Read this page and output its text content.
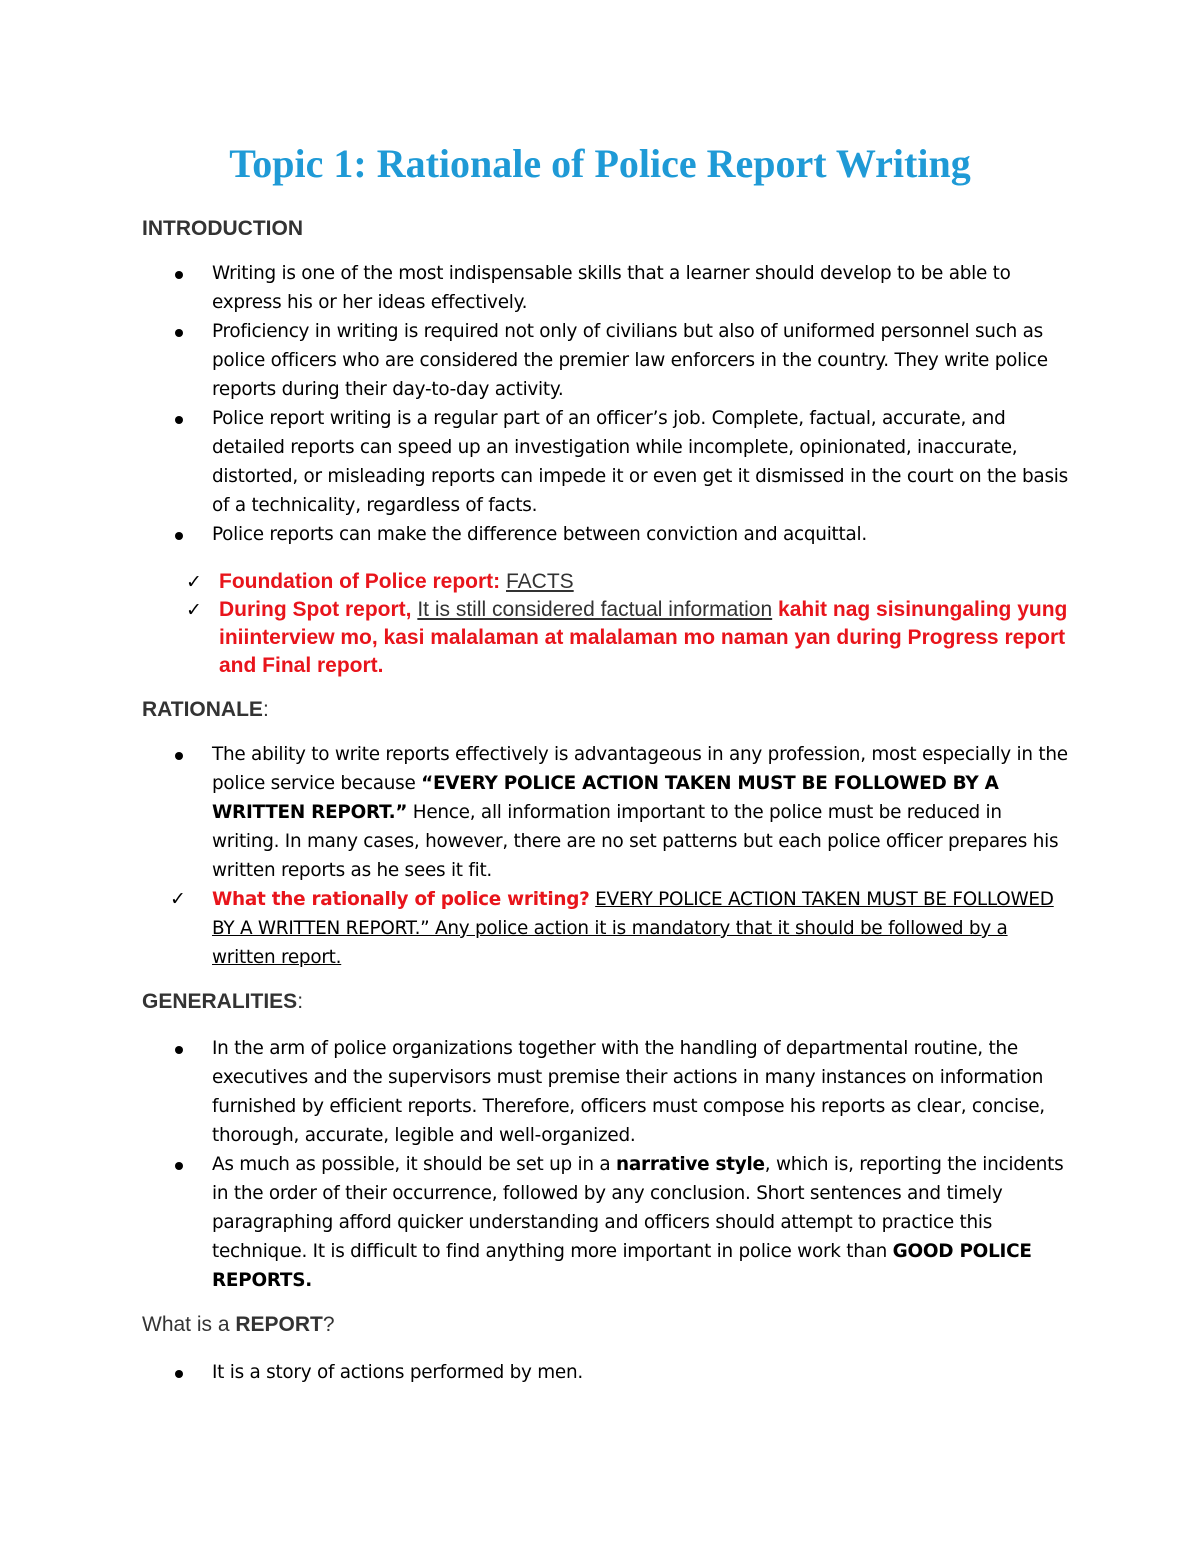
Topic 1: Rationale of Police Report Writing
INTRODUCTION
Writing is one of the most indispensable skills that a learner should develop to be able to express his or her ideas effectively.
Proficiency in writing is required not only of civilians but also of uniformed personnel such as police officers who are considered the premier law enforcers in the country. They write police reports during their day-to-day activity.
Police report writing is a regular part of an officer’s job. Complete, factual, accurate, and detailed reports can speed up an investigation while incomplete, opinionated, inaccurate, distorted, or misleading reports can impede it or even get it dismissed in the court on the basis of a technicality, regardless of facts.
Police reports can make the difference between conviction and acquittal.
✓ Foundation of Police report: FACTS
✓ During Spot report, It is still considered factual information kahit nag sisinungaling yung iniinterview mo, kasi malalaman at malalaman mo naman yan during Progress report and Final report.
RATIONALE:
The ability to write reports effectively is advantageous in any profession, most especially in the police service because “EVERY POLICE ACTION TAKEN MUST BE FOLLOWED BY A WRITTEN REPORT.” Hence, all information important to the police must be reduced in writing. In many cases, however, there are no set patterns but each police officer prepares his written reports as he sees it fit.
✓ What the rationally of police writing? EVERY POLICE ACTION TAKEN MUST BE FOLLOWED BY A WRITTEN REPORT.” Any police action it is mandatory that it should be followed by a written report.
GENERALITIES:
In the arm of police organizations together with the handling of departmental routine, the executives and the supervisors must premise their actions in many instances on information furnished by efficient reports. Therefore, officers must compose his reports as clear, concise, thorough, accurate, legible and well-organized.
As much as possible, it should be set up in a narrative style, which is, reporting the incidents in the order of their occurrence, followed by any conclusion. Short sentences and timely paragraphing afford quicker understanding and officers should attempt to practice this technique. It is difficult to find anything more important in police work than GOOD POLICE REPORTS.
What is a REPORT?
It is a story of actions performed by men.
